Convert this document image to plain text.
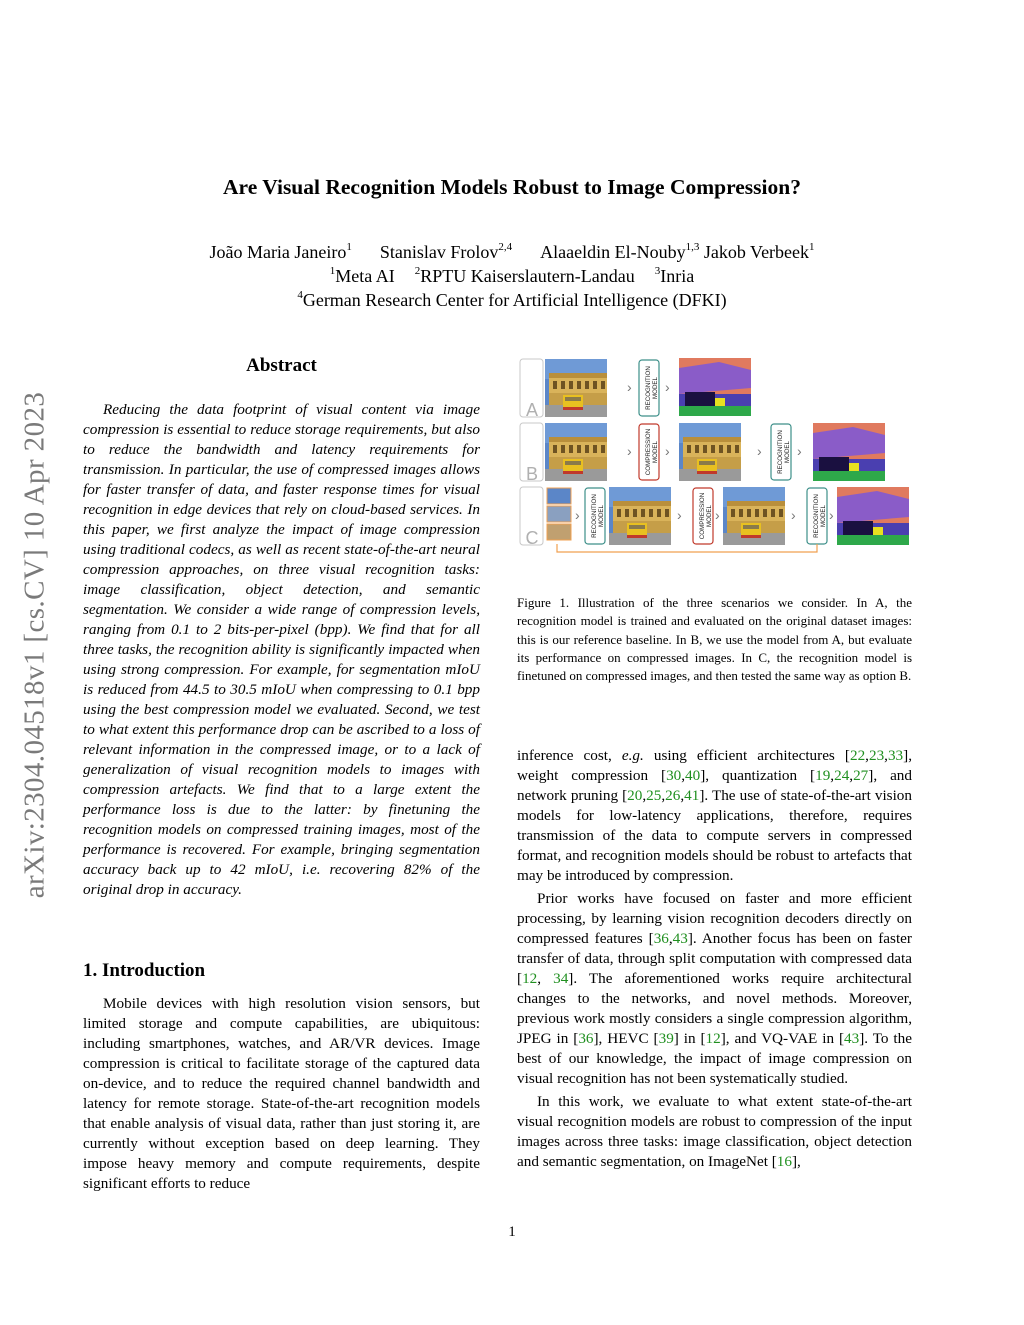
Are Visual Recognition Models Robust to Image Compression?
João Maria Janeiro$^1$ Stanislav Frolov$^{2,4}$ Alaaeldin El-Nouby$^{1,3}$ Jakob Verbeek$^1$
$^1$Meta AI $^2$RPTU Kaiserslautern-Landau $^3$Inria
$^4$German Research Center for Artificial Intelligence (DFKI)
arXiv:2304.04518v1 [cs.CV] 10 Apr 2023
Abstract
Reducing the data footprint of visual content via image compression is essential to reduce storage requirements, but also to reduce the bandwidth and latency requirements for transmission. In particular, the use of compressed images allows for faster transfer of data, and faster response times for visual recognition in edge devices that rely on cloud-based services. In this paper, we first analyze the impact of image compression using traditional codecs, as well as recent state-of-the-art neural compression approaches, on three visual recognition tasks: image classification, object detection, and semantic segmentation. We consider a wide range of compression levels, ranging from 0.1 to 2 bits-per-pixel (bpp). We find that for all three tasks, the recognition ability is significantly impacted when using strong compression. For example, for segmentation mIoU is reduced from 44.5 to 30.5 mIoU when compressing to 0.1 bpp using the best compression model we evaluated. Second, we test to what extent this performance drop can be ascribed to a loss of relevant information in the compressed image, or to a lack of generalization of visual recognition models to images with compression artefacts. We find that to a large extent the performance loss is due to the latter: by finetuning the recognition models on compressed training images, most of the performance is recovered. For example, bringing segmentation accuracy back up to 42 mIoU, i.e. recovering 82% of the original drop in accuracy.
1. Introduction
Mobile devices with high resolution vision sensors, but limited storage and compute capabilities, are ubiquitous: including smartphones, watches, and AR/VR devices. Image compression is critical to facilitate storage of the captured data on-device, and to reduce the required channel bandwidth and latency for remote storage. State-of-the-art recognition models that enable analysis of visual data, rather than just storing it, are currently without exception based on deep learning. They impose heavy memory and compute requirements, despite significant efforts to reduce
A
› RECOGNITION MODEL ›
B
› COMPRESSION MODEL ›	› RECOGNITION MODEL ›
C
› RECOGNITION MODEL	›	COMPRESSION MODEL ›	›	RECOGNITION MODEL ›
Figure 1. Illustration of the three scenarios we consider. In A, the recognition model is trained and evaluated on the original dataset images: this is our reference baseline. In B, we use the model from A, but evaluate its performance on compressed images. In C, the recognition model is finetuned on compressed images, and then tested the same way as option B.

inference cost, e.g. using efficient architectures [22,23,33], weight compression [30,40], quantization [19,24,27], and network pruning [20,25,26,41]. The use of state-of-the-art vision models for low-latency applications, therefore, requires transmission of the data to compute servers in compressed format, and recognition models should be robust to artefacts that may be introduced by compression.

Prior works have focused on faster and more efficient processing, by learning vision recognition decoders directly on compressed features [36,43]. Another focus has been on faster transfer of data, through split computation with compressed data [12, 34]. The aforementioned works require architectural changes to the networks, and novel methods. Moreover, previous work mostly considers a single compression algorithm, JPEG in [36], HEVC [39] in [12], and VQ-VAE in [43]. To the best of our knowledge, the impact of image compression on visual recognition has not been systematically studied.

In this work, we evaluate to what extent state-of-the-art visual recognition models are robust to compression of the input images across three tasks: image classification, object detection and semantic segmentation, on ImageNet [16],

1
